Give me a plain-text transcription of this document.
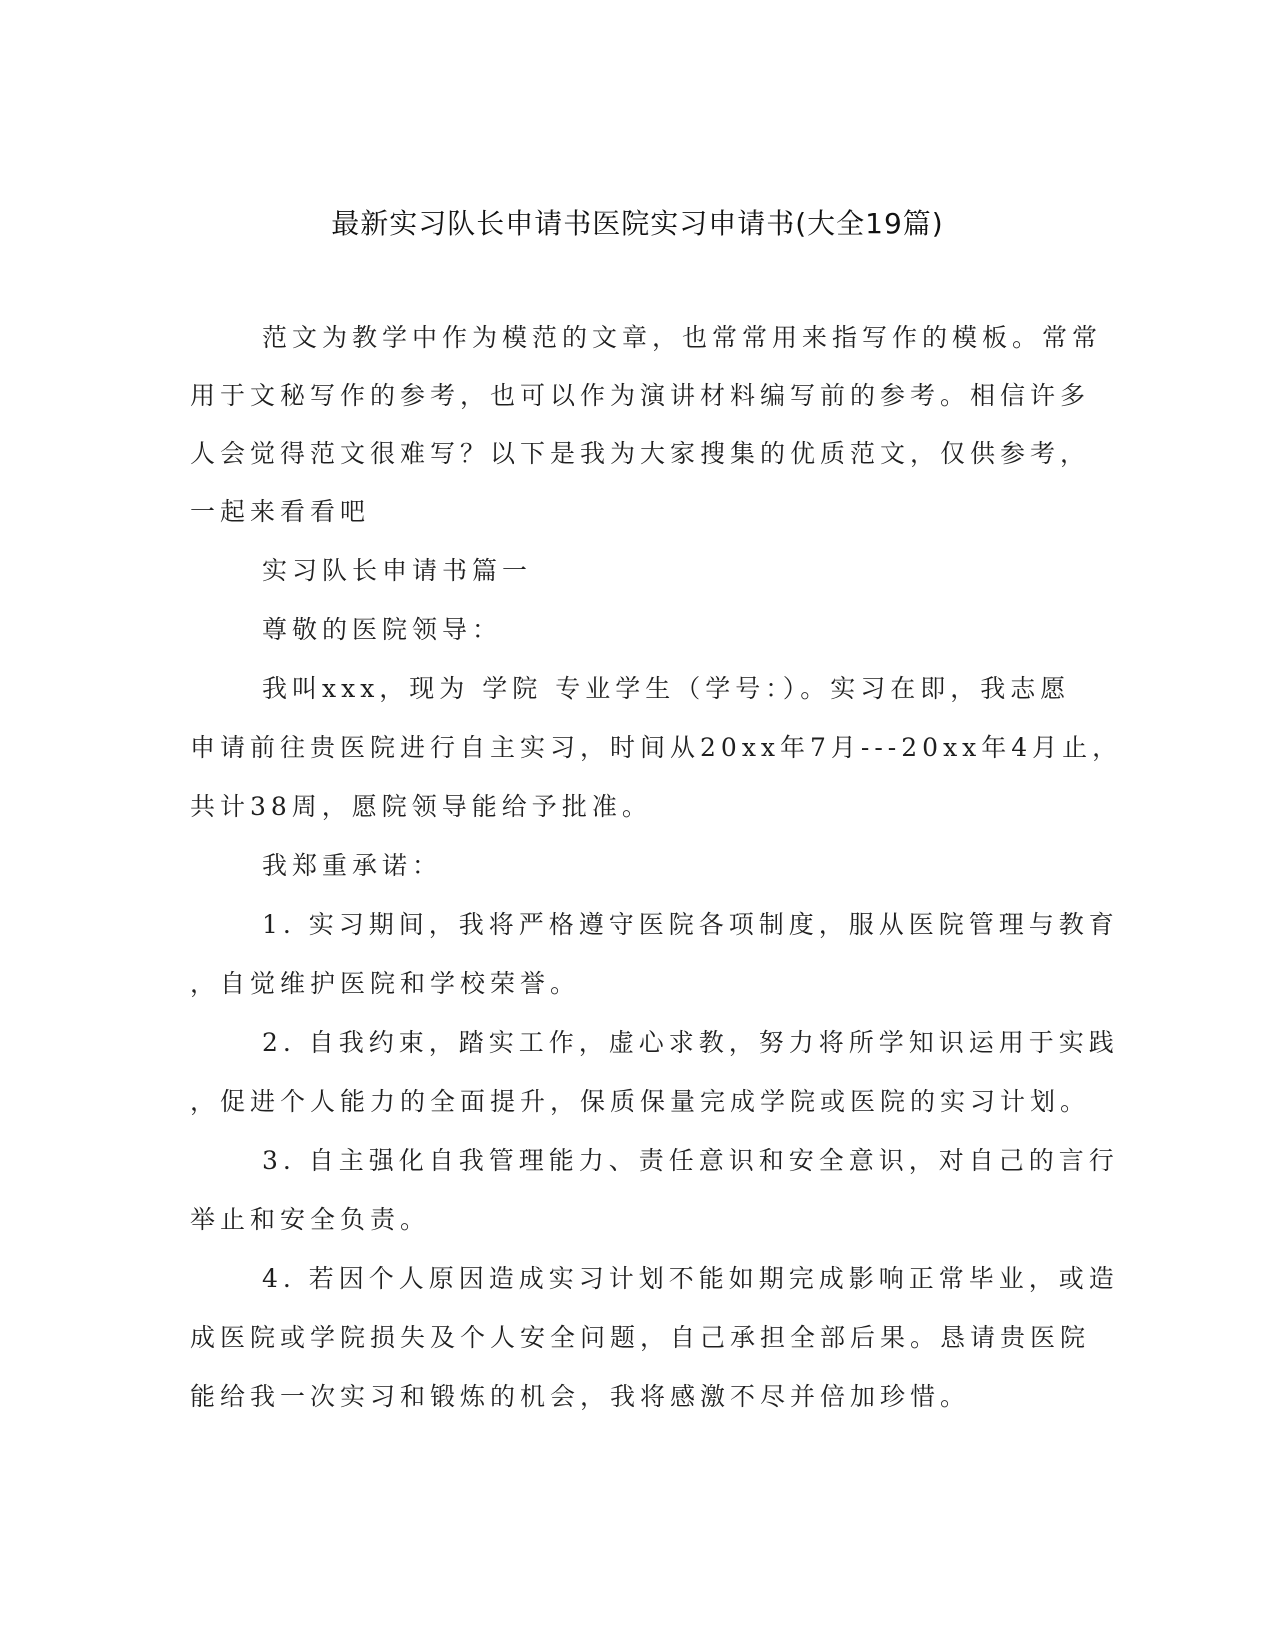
最新实习队长申请书医院实习申请书(大全19篇)
范文为教学中作为模范的文章，也常常用来指写作的模板。常常
用于文秘写作的参考，也可以作为演讲材料编写前的参考。相信许多
人会觉得范文很难写？以下是我为大家搜集的优质范文，仅供参考，
一起来看看吧
实习队长申请书篇一
尊敬的医院领导：
我叫xxx，现为 学院 专业学生（学号：）。实习在即，我志愿
申请前往贵医院进行自主实习，时间从20xx年7月---20xx年4月止，
共计38周，愿院领导能给予批准。
我郑重承诺：
1. 实习期间，我将严格遵守医院各项制度，服从医院管理与教育
，自觉维护医院和学校荣誉。
2. 自我约束，踏实工作，虚心求教，努力将所学知识运用于实践
，促进个人能力的全面提升，保质保量完成学院或医院的实习计划。
3. 自主强化自我管理能力、责任意识和安全意识，对自己的言行
举止和安全负责。
4. 若因个人原因造成实习计划不能如期完成影响正常毕业，或造
成医院或学院损失及个人安全问题，自己承担全部后果。恳请贵医院
能给我一次实习和锻炼的机会，我将感激不尽并倍加珍惜。
